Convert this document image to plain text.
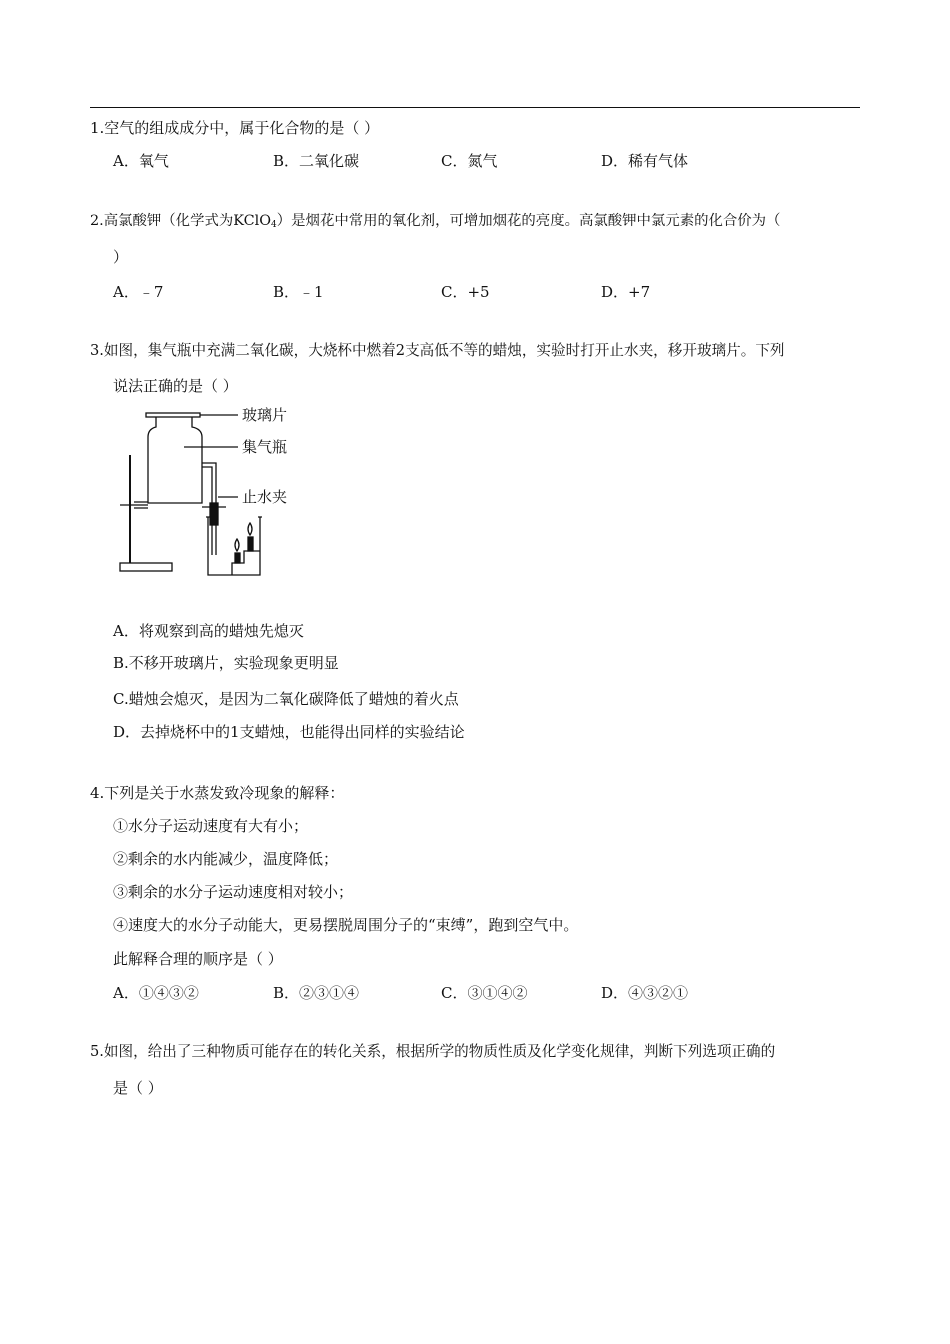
1.空气的组成成分中，属于化合物的是（ ）
A．氧气	B．二氧化碳	C．氮气	D．稀有气体
2.高氯酸钾（化学式为KClO$_4$）是烟花中常用的氧化剂，可增加烟花的亮度。高氯酸钾中氯元素的化合价为（
）
A．﹣7	B．﹣1	C．+5	D．+7
3.如图，集气瓶中充满二氧化碳，大烧杯中燃着2支高低不等的蜡烛，实验时打开止水夹，移开玻璃片。下列
说法正确的是（ ）
玻璃片
集气瓶
止水夹
A．将观察到高的蜡烛先熄灭
B.不移开玻璃片，实验现象更明显
C.蜡烛会熄灭，是因为二氧化碳降低了蜡烛的着火点
D．去掉烧杯中的1支蜡烛，也能得出同样的实验结论
4.下列是关于水蒸发致冷现象的解释：
①水分子运动速度有大有小；
②剩余的水内能减少，温度降低；
③剩余的水分子运动速度相对较小；
④速度大的水分子动能大，更易摆脱周围分子的“束缚”，跑到空气中。
此解释合理的顺序是（ ）
A．①④③②	B．②③①④	C．③①④②	D．④③②①
5.如图，给出了三种物质可能存在的转化关系，根据所学的物质性质及化学变化规律，判断下列选项正确的
是（ ）
